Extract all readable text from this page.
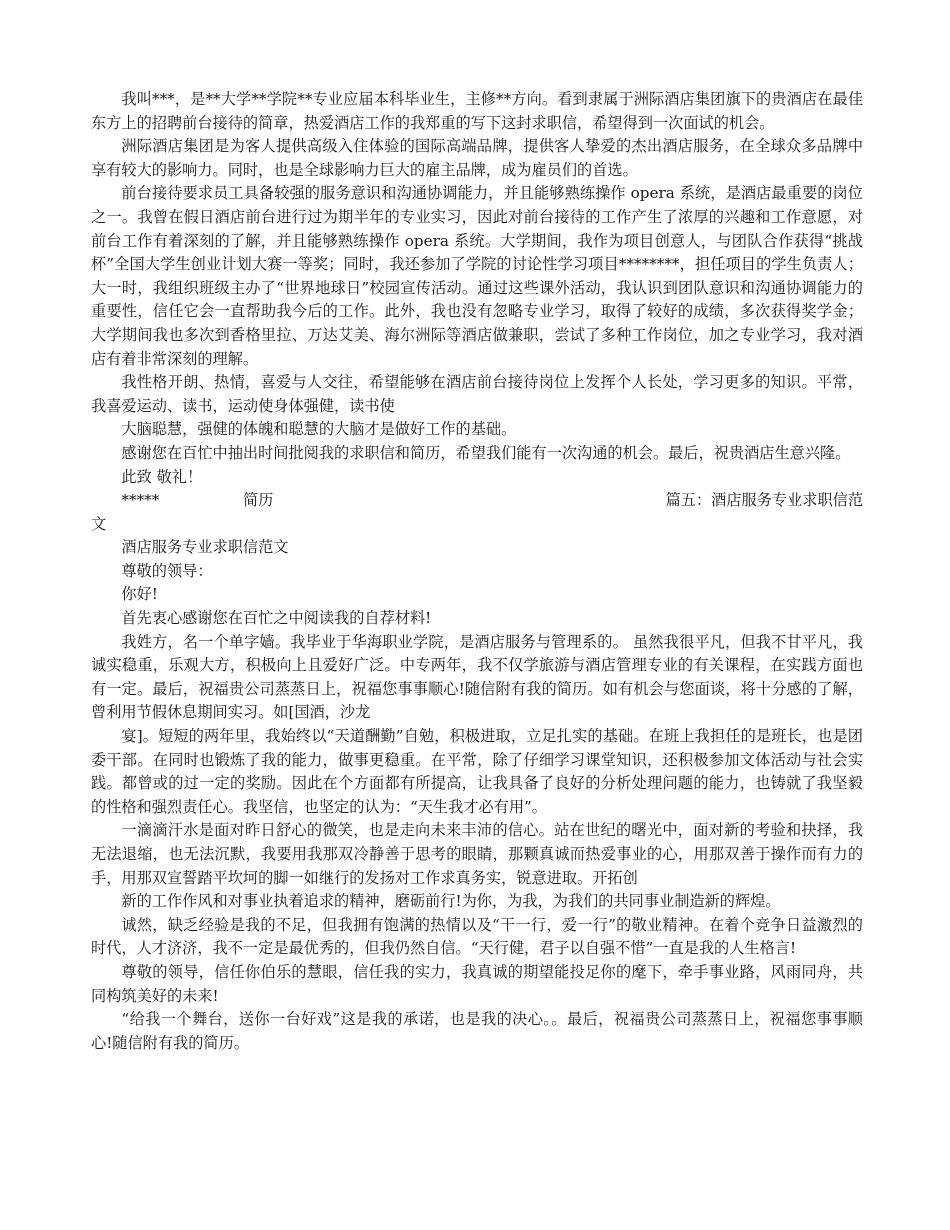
我叫***，是**大学**学院**专业应届本科毕业生，主修**方向。看到隶属于洲际酒店集团旗下的贵酒店在最佳东方上的招聘前台接待的简章，热爱酒店工作的我郑重的写下这封求职信，希望得到一次面试的机会。

洲际酒店集团是为客人提供高级入住体验的国际高端品牌，提供客人挚爱的杰出酒店服务，在全球众多品牌中享有较大的影响力。同时，也是全球影响力巨大的雇主品牌，成为雇员们的首选。

前台接待要求员工具备较强的服务意识和沟通协调能力，并且能够熟练操作 opera 系统，是酒店最重要的岗位之一。我曾在假日酒店前台进行过为期半年的专业实习，因此对前台接待的工作产生了浓厚的兴趣和工作意愿，对前台工作有着深刻的了解，并且能够熟练操作 opera 系统。大学期间，我作为项目创意人，与团队合作获得“挑战杯”全国大学生创业计划大赛一等奖；同时，我还参加了学院的讨论性学习项目********，担任项目的学生负责人；大一时，我组织班级主办了“世界地球日”校园宣传活动。通过这些课外活动，我认识到团队意识和沟通协调能力的重要性，信任它会一直帮助我今后的工作。此外，我也没有忽略专业学习，取得了较好的成绩，多次获得奖学金；大学期间我也多次到香格里拉、万达艾美、海尔洲际等酒店做兼职，尝试了多种工作岗位，加之专业学习，我对酒店有着非常深刻的理解。

我性格开朗、热情，喜爱与人交往，希望能够在酒店前台接待岗位上发挥个人长处，学习更多的知识。平常，我喜爱运动、读书，运动使身体强健，读书使

大脑聪慧，强健的体魄和聪慧的大脑才是做好工作的基础。

感谢您在百忙中抽出时间批阅我的求职信和简历，希望我们能有一次沟通的机会。最后，祝贵酒店生意兴隆。

此致 敬礼！

*****	简历	篇五：酒店服务专业求职信范

文

酒店服务专业求职信范文

尊敬的领导：

你好!

首先衷心感谢您在百忙之中阅读我的自荐材料!

我姓方，名一个单字嫱。我毕业于华海职业学院，是酒店服务与管理系的。 虽然我很平凡，但我不甘平凡，我诚实稳重，乐观大方，积极向上且爱好广泛。中专两年，我不仅学旅游与酒店管理专业的有关课程，在实践方面也有一定。最后，祝福贵公司蒸蒸日上，祝福您事事顺心!随信附有我的简历。如有机会与您面谈，将十分感的了解，曾利用节假休息期间实习。如[国酒，沙龙

宴]。短短的两年里，我始终以“天道酬勤”自勉，积极进取，立足扎实的基础。在班上我担任的是班长，也是团委干部。在同时也锻炼了我的能力，做事更稳重。在平常，除了仔细学习课堂知识，还积极参加文体活动与社会实践。都曾或的过一定的奖励。因此在个方面都有所提高，让我具备了良好的分析处理问题的能力，也铸就了我坚毅的性格和强烈责任心。我坚信，也坚定的认为：“天生我才必有用”。

一滴滴汗水是面对昨日舒心的微笑，也是走向未来丰沛的信心。站在世纪的曙光中，面对新的考验和抉择，我无法退缩，也无法沉默，我要用我那双冷静善于思考的眼睛，那颗真诚而热爱事业的心，用那双善于操作而有力的手，用那双宣誓踏平坎坷的脚一如继行的发扬对工作求真务实，锐意进取。开拓创

新的工作作风和对事业执着追求的精神，磨砺前行!为你，为我，为我们的共同事业制造新的辉煌。

诚然，缺乏经验是我的不足，但我拥有饱满的热情以及“干一行，爱一行”的敬业精神。在着个竞争日益激烈的时代，人才济济，我不一定是最优秀的，但我仍然自信。“天行健，君子以自强不惜”一直是我的人生格言!

尊敬的领导，信任你伯乐的慧眼，信任我的实力，我真诚的期望能投足你的麾下，牵手事业路，风雨同舟，共同构筑美好的未来!

“给我一个舞台，送你一台好戏”这是我的承诺，也是我的决心。。最后，祝福贵公司蒸蒸日上，祝福您事事顺心!随信附有我的简历。
